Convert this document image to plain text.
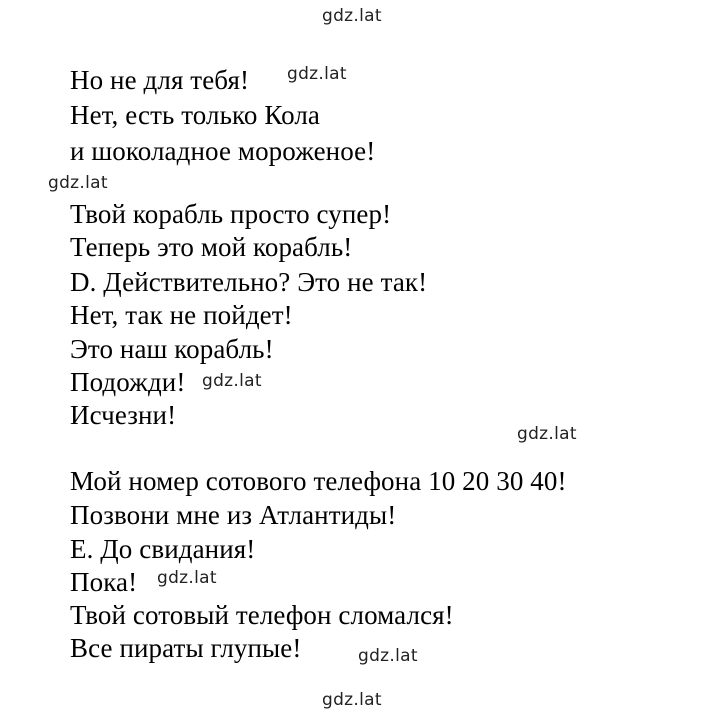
gdz.lat
gdz.lat
gdz.lat
gdz.lat
gdz.lat
gdz.lat
gdz.lat
gdz.lat
Но не для тебя!
Нет, есть только Кола
и шоколадное мороженое!
Твой корабль просто супер!
Теперь это мой корабль!
D. Действительно? Это не так!
Нет, так не пойдет!
Это наш корабль!
Подожди!
Исчезни!
Мой номер сотового телефона 10 20 30 40!
Позвони мне из Атлантиды!
E. До свидания!
Пока!
Твой сотовый телефон сломался!
Все пираты глупые!
